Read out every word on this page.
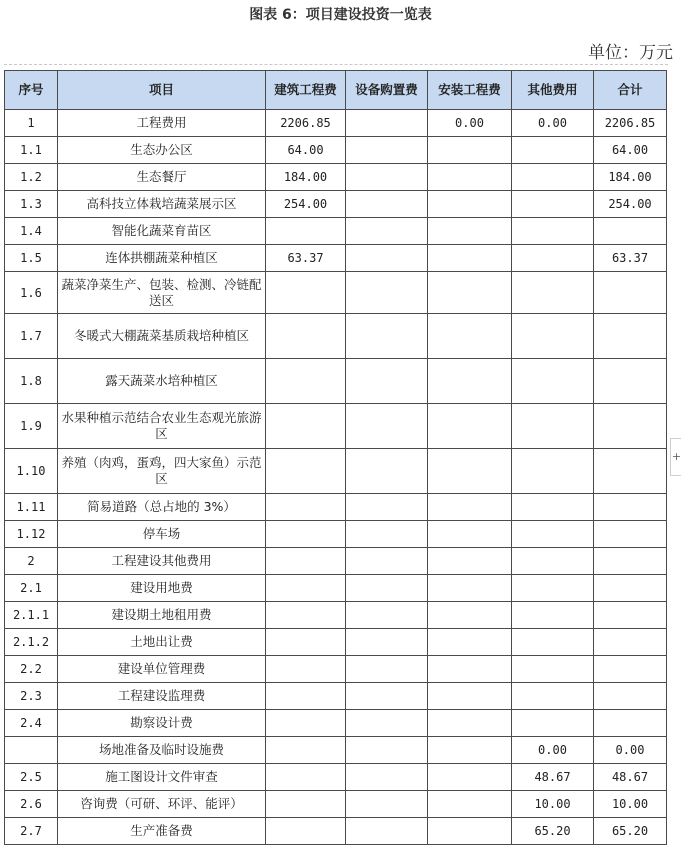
图表 6：项目建设投资一览表
单位：万元
+
序号	项目	建筑工程费	设备购置费	安装工程费	其他费用	合计
1	工程费用	2206.85		0.00	0.00	2206.85
1.1	生态办公区	64.00				64.00
1.2	生态餐厅	184.00				184.00
1.3	高科技立体栽培蔬菜展示区	254.00				254.00
1.4	智能化蔬菜育苗区					
1.5	连体拱棚蔬菜种植区	63.37				63.37
1.6	蔬菜净菜生产、包装、检测、冷链配送区					
1.7	冬暖式大棚蔬菜基质栽培种植区					
1.8	露天蔬菜水培种植区					
1.9	水果种植示范结合农业生态观光旅游区					
1.10	养殖（肉鸡，蛋鸡，四大家鱼）示范区					
1.11	简易道路（总占地的 3%）					
1.12	停车场					
2	工程建设其他费用					
2.1	建设用地费					
2.1.1	建设期土地租用费					
2.1.2	土地出让费					
2.2	建设单位管理费					
2.3	工程建设监理费					
2.4	勘察设计费					
	场地准备及临时设施费				0.00	0.00
2.5	施工图设计文件审查				48.67	48.67
2.6	咨询费（可研、环评、能评）				10.00	10.00
2.7	生产准备费				65.20	65.20
